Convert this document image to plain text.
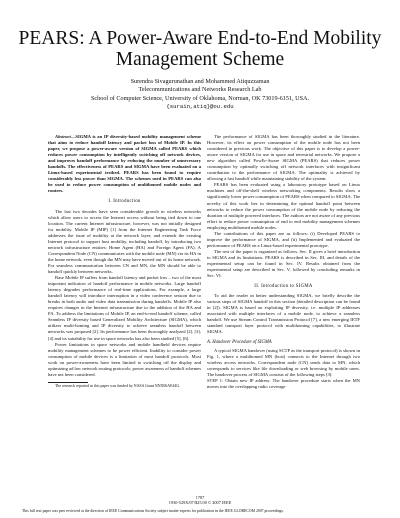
PEARS: A Power-Aware End-to-End Mobility
Management Scheme
Surendra Sivagurunathan and Mohammed Atiquzzaman
Telecommunications and Networks Research Lab
School of Computer Science, University of Oklahoma, Norman, OK 73019-6151, USA.
{surain,atiq}@ou.edu

Abstract—SIGMA is an IP diversity-based mobility management scheme that aims to reduce handoff latency and packet loss of Mobile IP. In this paper, we propose a power-aware version of SIGMA called PEARS which reduces power consumption by intelligently switching off network devices, and improves handoff performance by reducing the number of unnecessary handoffs. The effectiveness of PEARS and SIGMA have been evaluated on a Linux-based experimental testbed. PEARS has been found to require considerably less power than SIGMA. The schemes used in PEARS can also be used to reduce power consumption of multihomed mobile nodes and routers.

I. Introduction

The last two decades have seen considerable growth in wireless networks which allow users to access the Internet access without being tied down to one location. The current Internet infrastructure, however, was not initially designed for mobility. Mobile IP (MIP) [1] from the Internet Engineering Task Force addresses the issue of mobility at the network layer, and extends the existing Internet protocol to support host mobility, including handoff, by introducing two network infrastructure entities: Home Agent (HA) and Foreign Agent (FA). A Correspondent Node (CN) communicates with the mobile node (MN) via its HA in the home network, even though the MN may have moved out of its home network. For seamless communication between CN and MN, the MN should be able to handoff quickly between networks.

Base Mobile IP suffers from handoff latency and packet loss – two of the most important indicators of handoff performance in mobile networks. Large handoff latency degrades performance of real-time applications. For example, a large handoff latency will introduce interruption in a video conference session due to breaks in both audio and video data transmission during handoffs. Mobile IP also requires changes in the Internet infrastructure due to the addition of the HA and FA. To address the limitations of Mobile IP, an end-to-end handoff scheme, called Seamless IP diversity based Generalized Mobility Architecture (SIGMA), which utilizes multi-homing and IP diversity to achieve seamless handoff between networks was proposed [2]. Its performance has been thoroughly analyzed [2], [3], [4] and its suitability for use in space networks has also been studied [5], [6].

Power limitations in space networks and mobile handheld devices require mobility management schemes to be power efficient. Inability to consider power consumption of mobile devices is a limitation of most handoff protocols. Most work on power-awareness have been limited to switching off the display and optimizing ad hoc network routing protocols; power awareness of handoff schemes have not been considered.

The research reported in this paper was funded by NASA Grant NNX06AE44G.

The performance of SIGMA has been thoroughly studied in the literature. However, its effect on power consumption of the mobile node has not been considered in previous work. The objective of this paper is to develop a power-aware version of SIGMA for use in space and terrestrial networks. We propose a new algorithm called PowEr-Aware SIGMA (PEARS) that reduces power consumption by optimally switching off network interfaces with insignificant contribution to the performance of SIGMA. The optimality is achieved by allowing a fast handoff while maintaining stability of the system.

PEARS has been evaluated using a laboratory prototype based on Linux machines and off-the-shelf wireless networking components. Results show a significantly lower power consumption of PEARS when compared to SIGMA. The novelty of this work lies in determining the optimal handoff point between networks to reduce the power consumption of the mobile node by reducing the duration of multiple powered interfaces. The authors are not aware of any previous effort to reduce power consumption of end to end mobility management schemes employing multihomed mobile nodes.

The contributions of this paper are as follows: (i) Developed PEARS to improve the performance of SIGMA, and (ii) Implemented and evaluated the performance of PEARS on a Linux-based experimental prototype.

The rest of the paper is organized as follows. Sec. II gives a brief introduction to SIGMA and its limitations. PEARS is described in Sec. III, and details of the experimental setup can be found in Sec. IV. Results obtained from the experimental setup are described in Sec. V, followed by concluding remarks in Sec. VI.

II. Introduction to SIGMA

To aid the reader in better understanding SIGMA, we briefly describe the various steps of SIGMA handoff in this section (detailed description can be found in [2]). SIGMA is based on exploiting IP diversity, i.e. multiple IP addresses associated with multiple interfaces of a mobile node, to achieve a seamless handoff. We use Stream Control Transmission Protocol [7], a new emerging IETF standard transport layer protocol with multihoming capabilities, to illustrate SIGMA.

A. Handover Procedure of SIGMA

A typical SIGMA handover (using SCTP as the transport protocol) is shown in Fig. 1, where a multihomed MN (host) connects to the Internet through two wireless access networks. Correspondent node (CN) sends data to MN, which corresponds to services like file downloading or web browsing by mobile users. The handover process of SIGMA consists of the following steps [3]:

STEP 1: Obtain new IP address: The handover procedure starts when the MN moves into the overlapping radio coverage

1787
1930-529X/07/$25.00 © 2007 IEEE
This full text paper was peer reviewed at the direction of IEEE Communications Society subject matter experts for publication in the IEEE GLOBECOM 2007 proceedings.
